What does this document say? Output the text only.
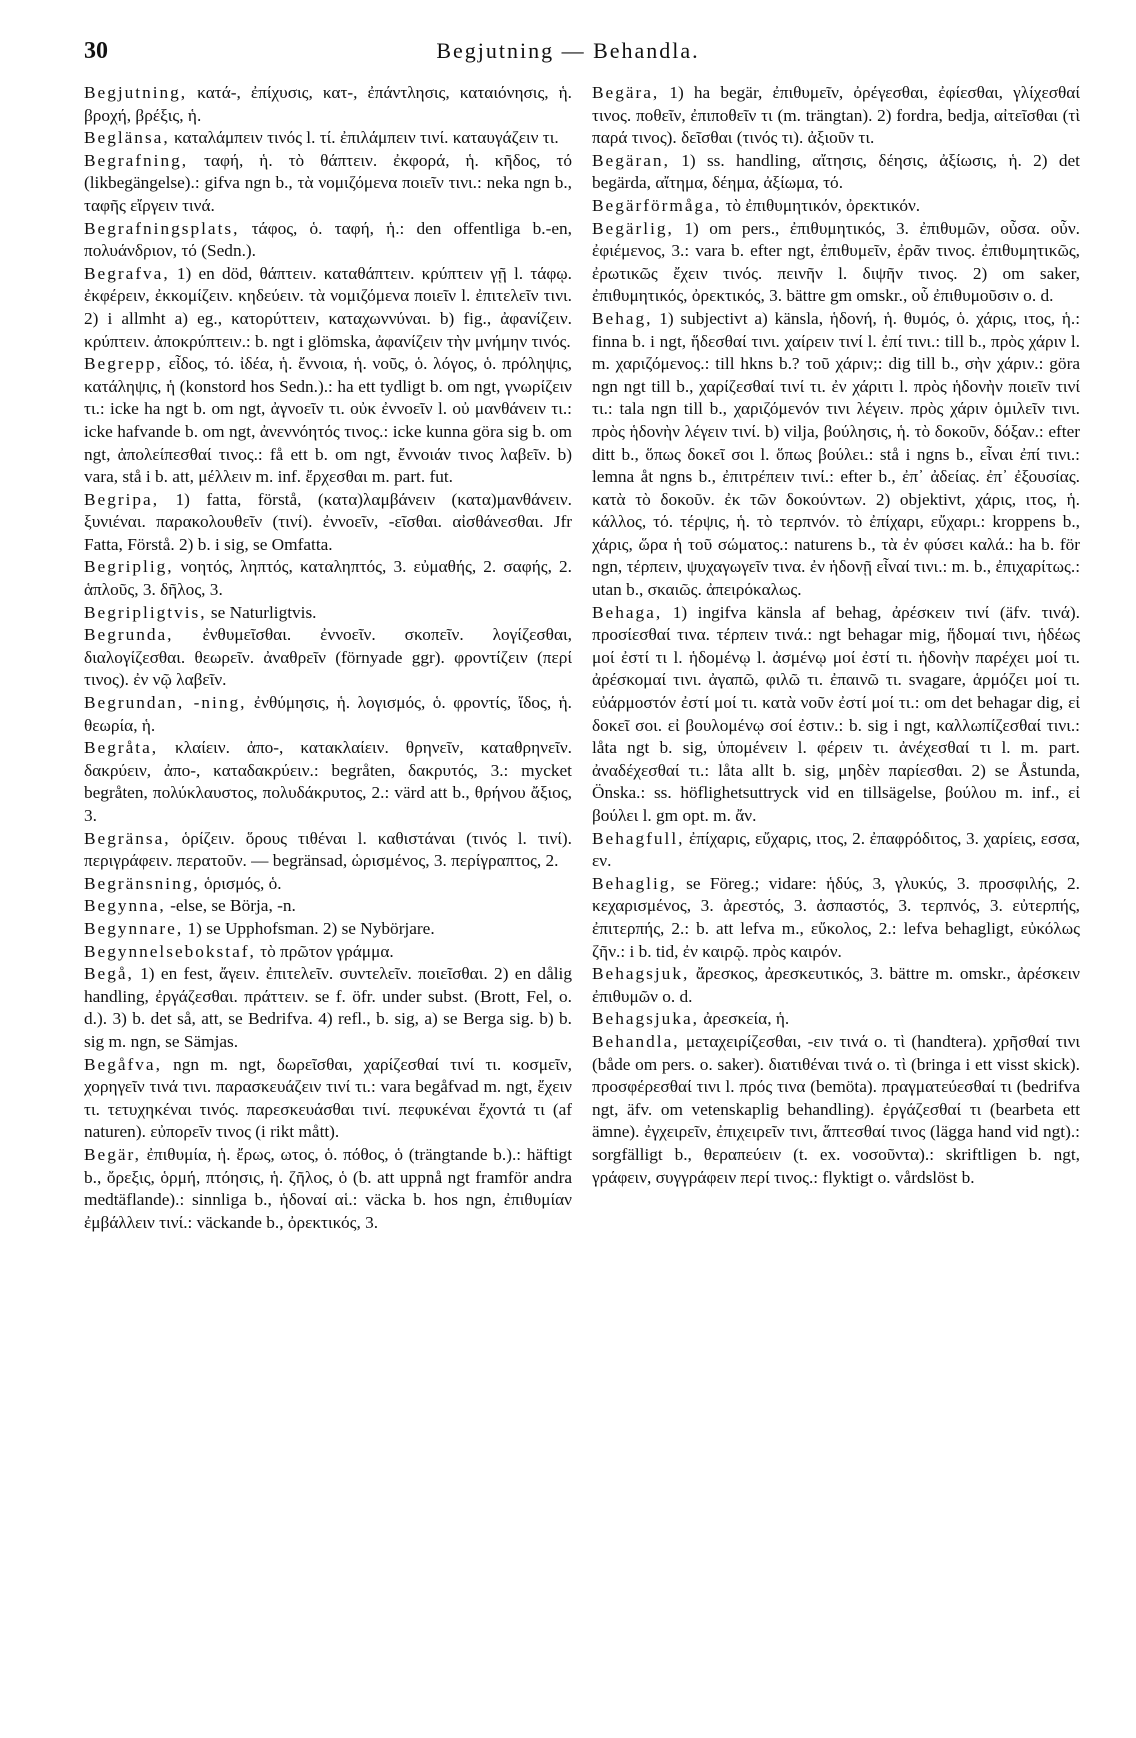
30	Begjutning — Behandla.

Begjutning, κατά-, ἐπίχυσις, κατ-, ἐπάντλησις, καταιόνησις, ἡ. βροχή, βρέξις, ἡ.

Beglänsa, καταλάμπειν τινός l. τί. ἐπιλάμπειν τινί. καταυγάζειν τι.

Begrafning, ταφή, ἡ. τὸ θάπτειν. ἐκφορά, ἡ. κῆδος, τό (likbegängelse).: gifva ngn b., τὰ νομιζόμενα ποιεῖν τινι.: neka ngn b., ταφῆς εἴργειν τινά.

Begrafningsplats, τάφος, ὁ. ταφή, ἡ.: den offentliga b.-en, πολυάνδριον, τό (Sedn.).

Begrafva, 1) en död, θάπτειν. καταθάπτειν. κρύπτειν γῇ l. τάφῳ. ἐκφέρειν, ἐκκομίζειν. κηδεύειν. τὰ νομιζόμενα ποιεῖν l. ἐπιτελεῖν τινι. 2) i allmht a) eg., κατορύττειν, καταχωννύναι. b) fig., ἀφανίζειν. κρύπτειν. ἀποκρύπτειν.: b. ngt i glömska, ἀφανίζειν τὴν μνήμην τινός.

Begrepp, εἶδος, τό. ἰδέα, ἡ. ἔννοια, ἡ. νοῦς, ὁ. λόγος, ὁ. πρόληψις, κατάληψις, ἡ (konstord hos Sedn.).: ha ett tydligt b. om ngt, γνωρίζειν τι.: icke ha ngt b. om ngt, ἀγνοεῖν τι. οὐκ ἐννοεῖν l. οὐ μανθάνειν τι.: icke hafvande b. om ngt, ἀνεννόητός τινος.: icke kunna göra sig b. om ngt, ἀπολείπεσθαί τινος.: få ett b. om ngt, ἔννοιάν τινος λαβεῖν. b) vara, stå i b. att, μέλλειν m. inf. ἔρχεσθαι m. part. fut.

Begripa, 1) fatta, förstå, (κατα)λαμβάνειν (κατα)μανθάνειν. ξυνιέναι. παρακολουθεῖν (τινί). ἐννοεῖν, -εῖσθαι. αἰσθάνεσθαι. Jfr Fatta, Förstå. 2) b. i sig, se Omfatta.

Begriplig, νοητός, ληπτός, καταληπτός, 3. εὐμαθής, 2. σαφής, 2. ἁπλοῦς, 3. δῆλος, 3.

Begripligtvis, se Naturligtvis.

Begrunda, ἐνθυμεῖσθαι. ἐννοεῖν. σκοπεῖν. λογίζεσθαι, διαλογίζεσθαι. θεωρεῖν. ἀναθρεῖν (förnyade ggr). φροντίζειν (περί τινος). ἐν νῷ λαβεῖν.

Begrundan, -ning, ἐνθύμησις, ἡ. λογισμός, ὁ. φροντίς, ἴδος, ἡ. θεωρία, ἡ.

Begråta, κλαίειν. ἀπο-, κατακλαίειν. θρηνεῖν, καταθρηνεῖν. δακρύειν, ἀπο-, καταδακρύειν.: begråten, δακρυτός, 3.: mycket begråten, πολύκλαυστος, πολυδάκρυτος, 2.: värd att b., θρήνου ἄξιος, 3.

Begränsa, ὁρίζειν. ὅρους τιθέναι l. καθιστάναι (τινός l. τινί). περιγράφειν. περατοῦν. — begränsad, ὡρισμένος, 3. περίγραπτος, 2.

Begränsning, ὁρισμός, ὁ.

Begynna, -else, se Börja, -n.

Begynnare, 1) se Upphofsman. 2) se Nybörjare.

Begynnelsebokstaf, τὸ πρῶτον γράμμα.

Begå, 1) en fest, ἄγειν. ἐπιτελεῖν. συντελεῖν. ποιεῖσθαι. 2) en dålig handling, ἐργάζεσθαι. πράττειν. se f. öfr. under subst. (Brott, Fel, o. d.). 3) b. det så, att, se Bedrifva. 4) refl., b. sig, a) se Berga sig. b) b. sig m. ngn, se Sämjas.

Begåfva, ngn m. ngt, δωρεῖσθαι, χαρίζεσθαί τινί τι. κοσμεῖν, χορηγεῖν τινά τινι. παρασκευάζειν τινί τι.: vara begåfvad m. ngt, ἔχειν τι. τετυχηκέναι τινός. παρεσκευάσθαι τινί. πεφυκέναι ἔχοντά τι (af naturen). εὐπορεῖν τινος (i rikt mått).

Begär, ἐπιθυμία, ἡ. ἔρως, ωτος, ὁ. πόθος, ὁ (trängtande b.).: häftigt b., ὄρεξις, ὁρμή, πτόησις, ἡ. ζῆλος, ὁ (b. att uppnå ngt framför andra medtäflande).: sinnliga b., ἡδοναί αἱ.: väcka b. hos ngn, ἐπιθυμίαν ἐμβάλλειν τινί.: väckande b., ὀρεκτικός, 3.

Begära, 1) ha begär, ἐπιθυμεῖν, ὀρέγεσθαι, ἐφίεσθαι, γλίχεσθαί τινος. ποθεῖν, ἐπιποθεῖν τι (m. trängtan). 2) fordra, bedja, αἰτεῖσθαι (τὶ παρά τινος). δεῖσθαι (τινός τι). ἀξιοῦν τι.

Begäran, 1) ss. handling, αἴτησις, δέησις, ἀξίωσις, ἡ. 2) det begärda, αἴτημα, δέημα, ἀξίωμα, τό.

Begärförmåga, τὸ ἐπιθυμητικόν, ὀρεκτικόν.

Begärlig, 1) om pers., ἐπιθυμητικός, 3. ἐπιθυμῶν, οὖσα. οὖν. ἐφιέμενος, 3.: vara b. efter ngt, ἐπιθυμεῖν, ἐρᾶν τινος. ἐπιθυμητικῶς, ἐρωτικῶς ἔχειν τινός. πεινῆν l. διψῆν τινος. 2) om saker, ἐπιθυμητικός, ὀρεκτικός, 3. bättre gm omskr., οὗ ἐπιθυμοῦσιν o. d.

Behag, 1) subjectivt a) känsla, ἡδονή, ἡ. θυμός, ὁ. χάρις, ιτος, ἡ.: finna b. i ngt, ἥδεσθαί τινι. χαίρειν τινί l. ἐπί τινι.: till b., πρὸς χάριν l. m. χαριζόμενος.: till hkns b.? τοῦ χάριν;: dig till b., σὴν χάριν.: göra ngn ngt till b., χαρίζεσθαί τινί τι. ἐν χάριτι l. πρὸς ἡδονὴν ποιεῖν τινί τι.: tala ngn till b., χαριζόμενόν τινι λέγειν. πρὸς χάριν ὁμιλεῖν τινι. πρὸς ἡδονὴν λέγειν τινί. b) vilja, βούλησις, ἡ. τὸ δοκοῦν, δόξαν.: efter ditt b., ὅπως δοκεῖ σοι l. ὅπως βούλει.: stå i ngns b., εἶναι ἐπί τινι.: lemna åt ngns b., ἐπιτρέπειν τινί.: efter b., ἐπ᾽ ἀδείας. ἐπ᾽ ἐξουσίας. κατὰ τὸ δοκοῦν. ἐκ τῶν δοκούντων. 2) objektivt, χάρις, ιτος, ἡ. κάλλος, τό. τέρψις, ἡ. τὸ τερπνόν. τὸ ἐπίχαρι, εὔχαρι.: kroppens b., χάρις, ὥρα ἡ τοῦ σώματος.: naturens b., τὰ ἐν φύσει καλά.: ha b. för ngn, τέρπειν, ψυχαγωγεῖν τινα. ἐν ἡδονῇ εἶναί τινι.: m. b., ἐπιχαρίτως.: utan b., σκαιῶς. ἀπειρόκαλως.

Behaga, 1) ingifva känsla af behag, ἀρέσκειν τινί (äfv. τινά). προσίεσθαί τινα. τέρπειν τινά.: ngt behagar mig, ἥδομαί τινι, ἡδέως μοί ἐστί τι l. ἡδομένῳ l. ἀσμένῳ μοί ἐστί τι. ἡδονὴν παρέχει μοί τι. ἀρέσκομαί τινι. ἀγαπῶ, φιλῶ τι. ἐπαινῶ τι. svagare, ἁρμόζει μοί τι. εὐάρμοστόν ἐστί μοί τι. κατὰ νοῦν ἐστί μοί τι.: om det behagar dig, εἰ δοκεῖ σοι. εἰ βουλομένῳ σοί ἐστιν.: b. sig i ngt, καλλωπίζεσθαί τινι.: låta ngt b. sig, ὑπομένειν l. φέρειν τι. ἀνέχεσθαί τι l. m. part. ἀναδέχεσθαί τι.: låta allt b. sig, μηδὲν παρίεσθαι. 2) se Åstunda, Önska.: ss. höflighetsuttryck vid en tillsägelse, βούλου m. inf., εἰ βούλει l. gm opt. m. ἄν.

Behagfull, ἐπίχαρις, εὔχαρις, ιτος, 2. ἐπαφρόδιτος, 3. χαρίεις, εσσα, εν.

Behaglig, se Föreg.; vidare: ἡδύς, 3, γλυκύς, 3. προσφιλής, 2. κεχαρισμένος, 3. ἀρεστός, 3. ἀσπαστός, 3. τερπνός, 3. εὐτερπής, ἐπιτερπής, 2.: b. att lefva m., εὔκολος, 2.: lefva behagligt, εὐκόλως ζῆν.: i b. tid, ἐν καιρῷ. πρὸς καιρόν.

Behagsjuk, ἄρεσκος, ἀρεσκευτικός, 3. bättre m. omskr., ἀρέσκειν ἐπιθυμῶν o. d.

Behagsjuka, ἀρεσκεία, ἡ.

Behandla, μεταχειρίζεσθαι, -ειν τινά o. τὶ (handtera). χρῆσθαί τινι (både om pers. o. saker). διατιθέναι τινά o. τὶ (bringa i ett visst skick). προσφέρεσθαί τινι l. πρός τινα (bemöta). πραγματεύεσθαί τι (bedrifva ngt, äfv. om vetenskaplig behandling). ἐργάζεσθαί τι (bearbeta ett ämne). ἐγχειρεῖν, ἐπιχειρεῖν τινι, ἅπτεσθαί τινος (lägga hand vid ngt).: sorgfälligt b., θεραπεύειν (t. ex. νοσοῦντα).: skriftligen b. ngt, γράφειν, συγγράφειν περί τινος.: flyktigt o. vårdslöst b.
